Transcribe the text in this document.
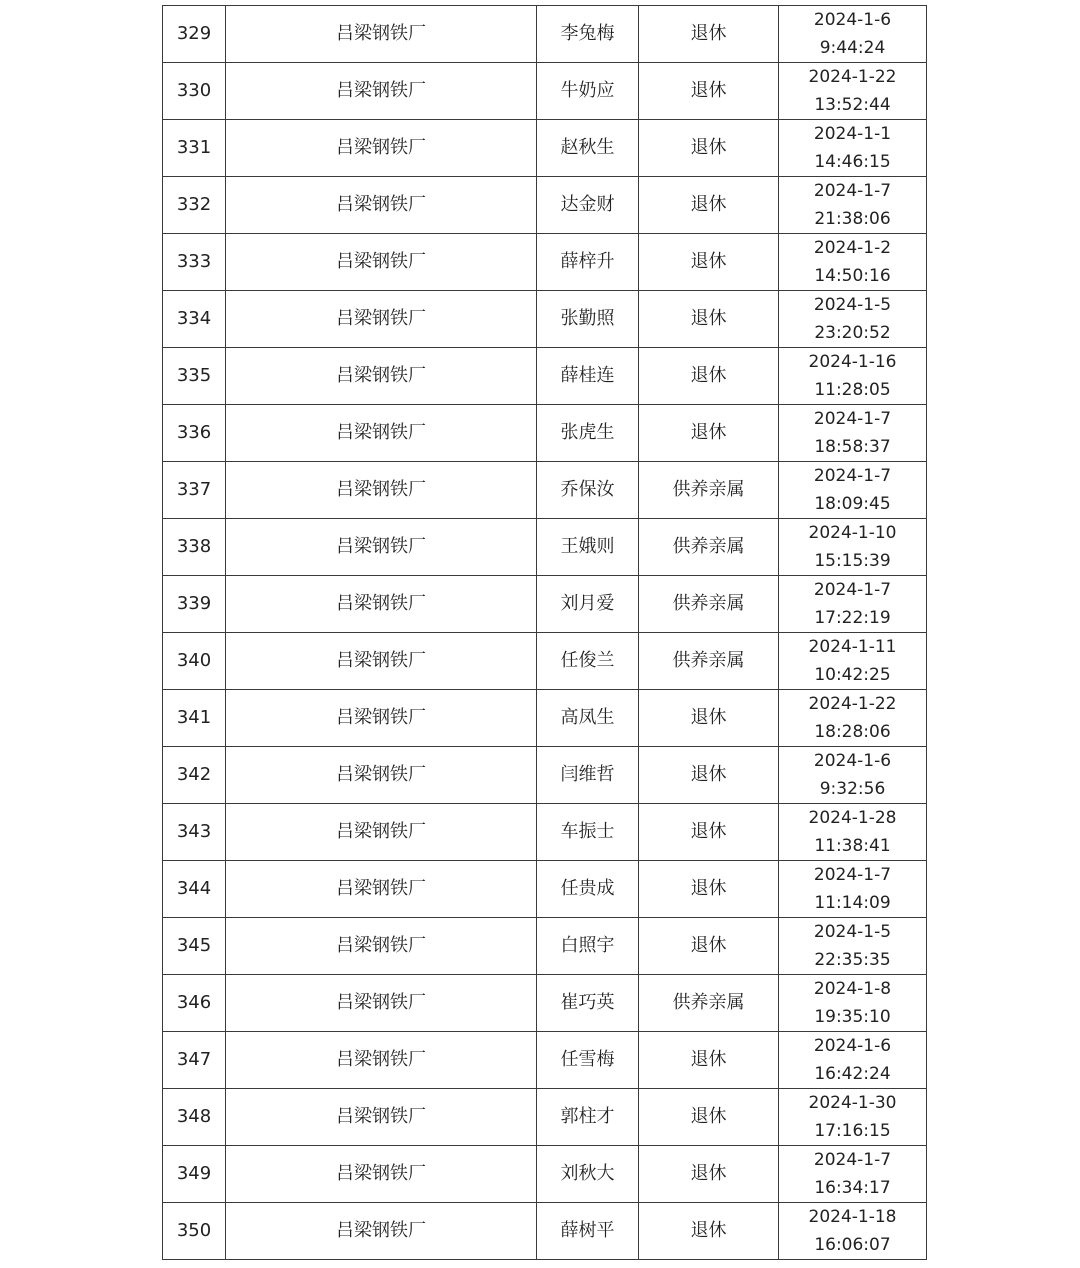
329	吕梁钢铁厂	李兔梅	退休	2024-1-6
9:44:24

330	吕梁钢铁厂	牛奶应	退休	2024-1-22
13:52:44

331	吕梁钢铁厂	赵秋生	退休	2024-1-1
14:46:15

332	吕梁钢铁厂	达金财	退休	2024-1-7
21:38:06

333	吕梁钢铁厂	薛梓升	退休	2024-1-2
14:50:16

334	吕梁钢铁厂	张勤照	退休	2024-1-5
23:20:52

335	吕梁钢铁厂	薛桂连	退休	2024-1-16
11:28:05

336	吕梁钢铁厂	张虎生	退休	2024-1-7
18:58:37

337	吕梁钢铁厂	乔保汝	供养亲属	2024-1-7
18:09:45

338	吕梁钢铁厂	王娥则	供养亲属	2024-1-10
15:15:39

339	吕梁钢铁厂	刘月爱	供养亲属	2024-1-7
17:22:19

340	吕梁钢铁厂	任俊兰	供养亲属	2024-1-11
10:42:25

341	吕梁钢铁厂	高凤生	退休	2024-1-22
18:28:06

342	吕梁钢铁厂	闫维哲	退休	2024-1-6
9:32:56

343	吕梁钢铁厂	车振士	退休	2024-1-28
11:38:41

344	吕梁钢铁厂	任贵成	退休	2024-1-7
11:14:09

345	吕梁钢铁厂	白照宇	退休	2024-1-5
22:35:35

346	吕梁钢铁厂	崔巧英	供养亲属	2024-1-8
19:35:10

347	吕梁钢铁厂	任雪梅	退休	2024-1-6
16:42:24

348	吕梁钢铁厂	郭柱才	退休	2024-1-30
17:16:15

349	吕梁钢铁厂	刘秋大	退休	2024-1-7
16:34:17

350	吕梁钢铁厂	薛树平	退休	2024-1-18
16:06:07
